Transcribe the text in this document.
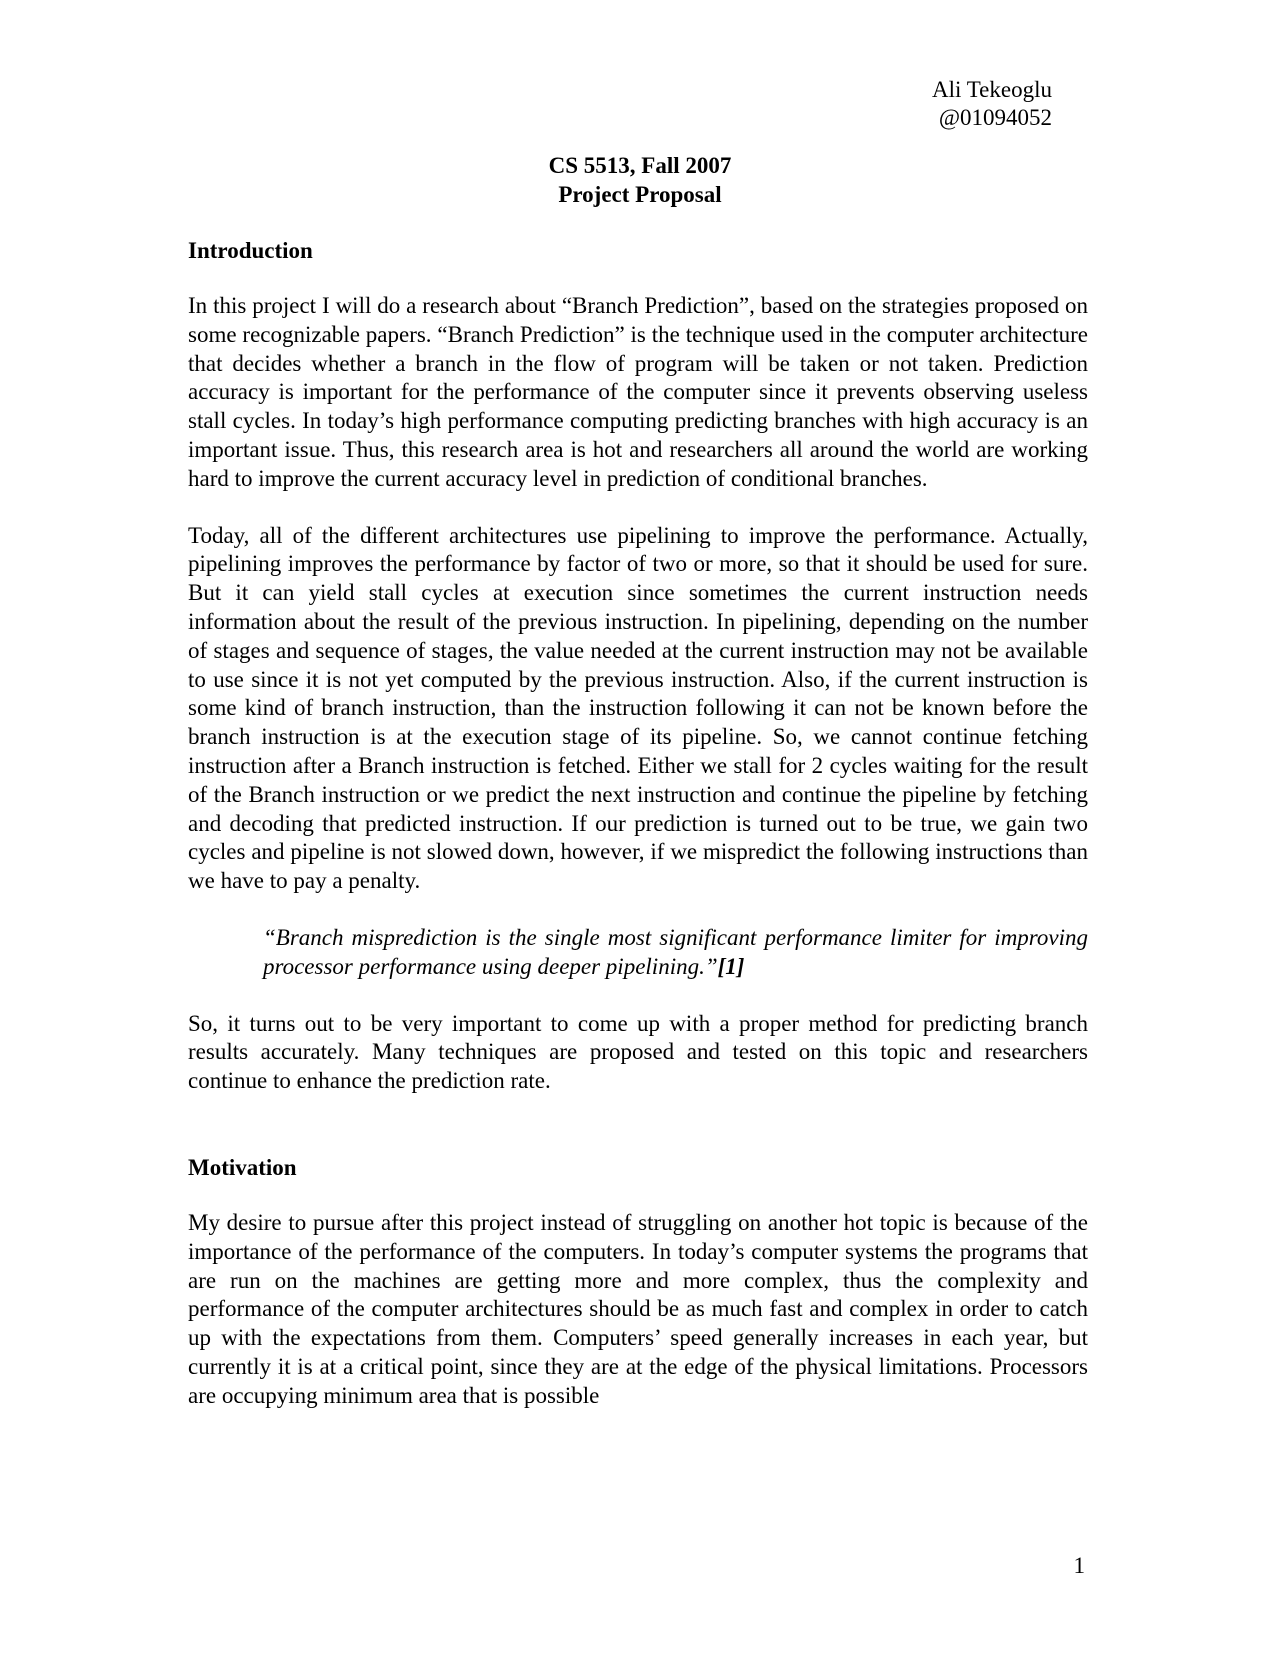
Ali Tekeoglu
@01094052
CS 5513, Fall 2007
Project Proposal
Introduction

In this project I will do a research about “Branch Prediction”, based on the strategies proposed on some recognizable papers. “Branch Prediction” is the technique used in the computer architecture that decides whether a branch in the flow of program will be taken or not taken. Prediction accuracy is important for the performance of the computer since it prevents observing useless stall cycles. In today’s high performance computing predicting branches with high accuracy is an important issue. Thus, this research area is hot and researchers all around the world are working hard to improve the current accuracy level in prediction of conditional branches.

Today, all of the different architectures use pipelining to improve the performance. Actually, pipelining improves the performance by factor of two or more, so that it should be used for sure. But it can yield stall cycles at execution since sometimes the current instruction needs information about the result of the previous instruction. In pipelining, depending on the number of stages and sequence of stages, the value needed at the current instruction may not be available to use since it is not yet computed by the previous instruction. Also, if the current instruction is some kind of branch instruction, than the instruction following it can not be known before the branch instruction is at the execution stage of its pipeline. So, we cannot continue fetching instruction after a Branch instruction is fetched. Either we stall for 2 cycles waiting for the result of the Branch instruction or we predict the next instruction and continue the pipeline by fetching and decoding that predicted instruction. If our prediction is turned out to be true, we gain two cycles and pipeline is not slowed down, however, if we mispredict the following instructions than we have to pay a penalty.

“Branch misprediction is the single most significant performance limiter for improving processor performance using deeper pipelining.”[1]

So, it turns out to be very important to come up with a proper method for predicting branch results accurately. Many techniques are proposed and tested on this topic and researchers continue to enhance the prediction rate.

Motivation

My desire to pursue after this project instead of struggling on another hot topic is because of the importance of the performance of the computers. In today’s computer systems the programs that are run on the machines are getting more and more complex, thus the complexity and performance of the computer architectures should be as much fast and complex in order to catch up with the expectations from them. Computers’ speed generally increases in each year, but currently it is at a critical point, since they are at the edge of the physical limitations. Processors are occupying minimum area that is possible

1
